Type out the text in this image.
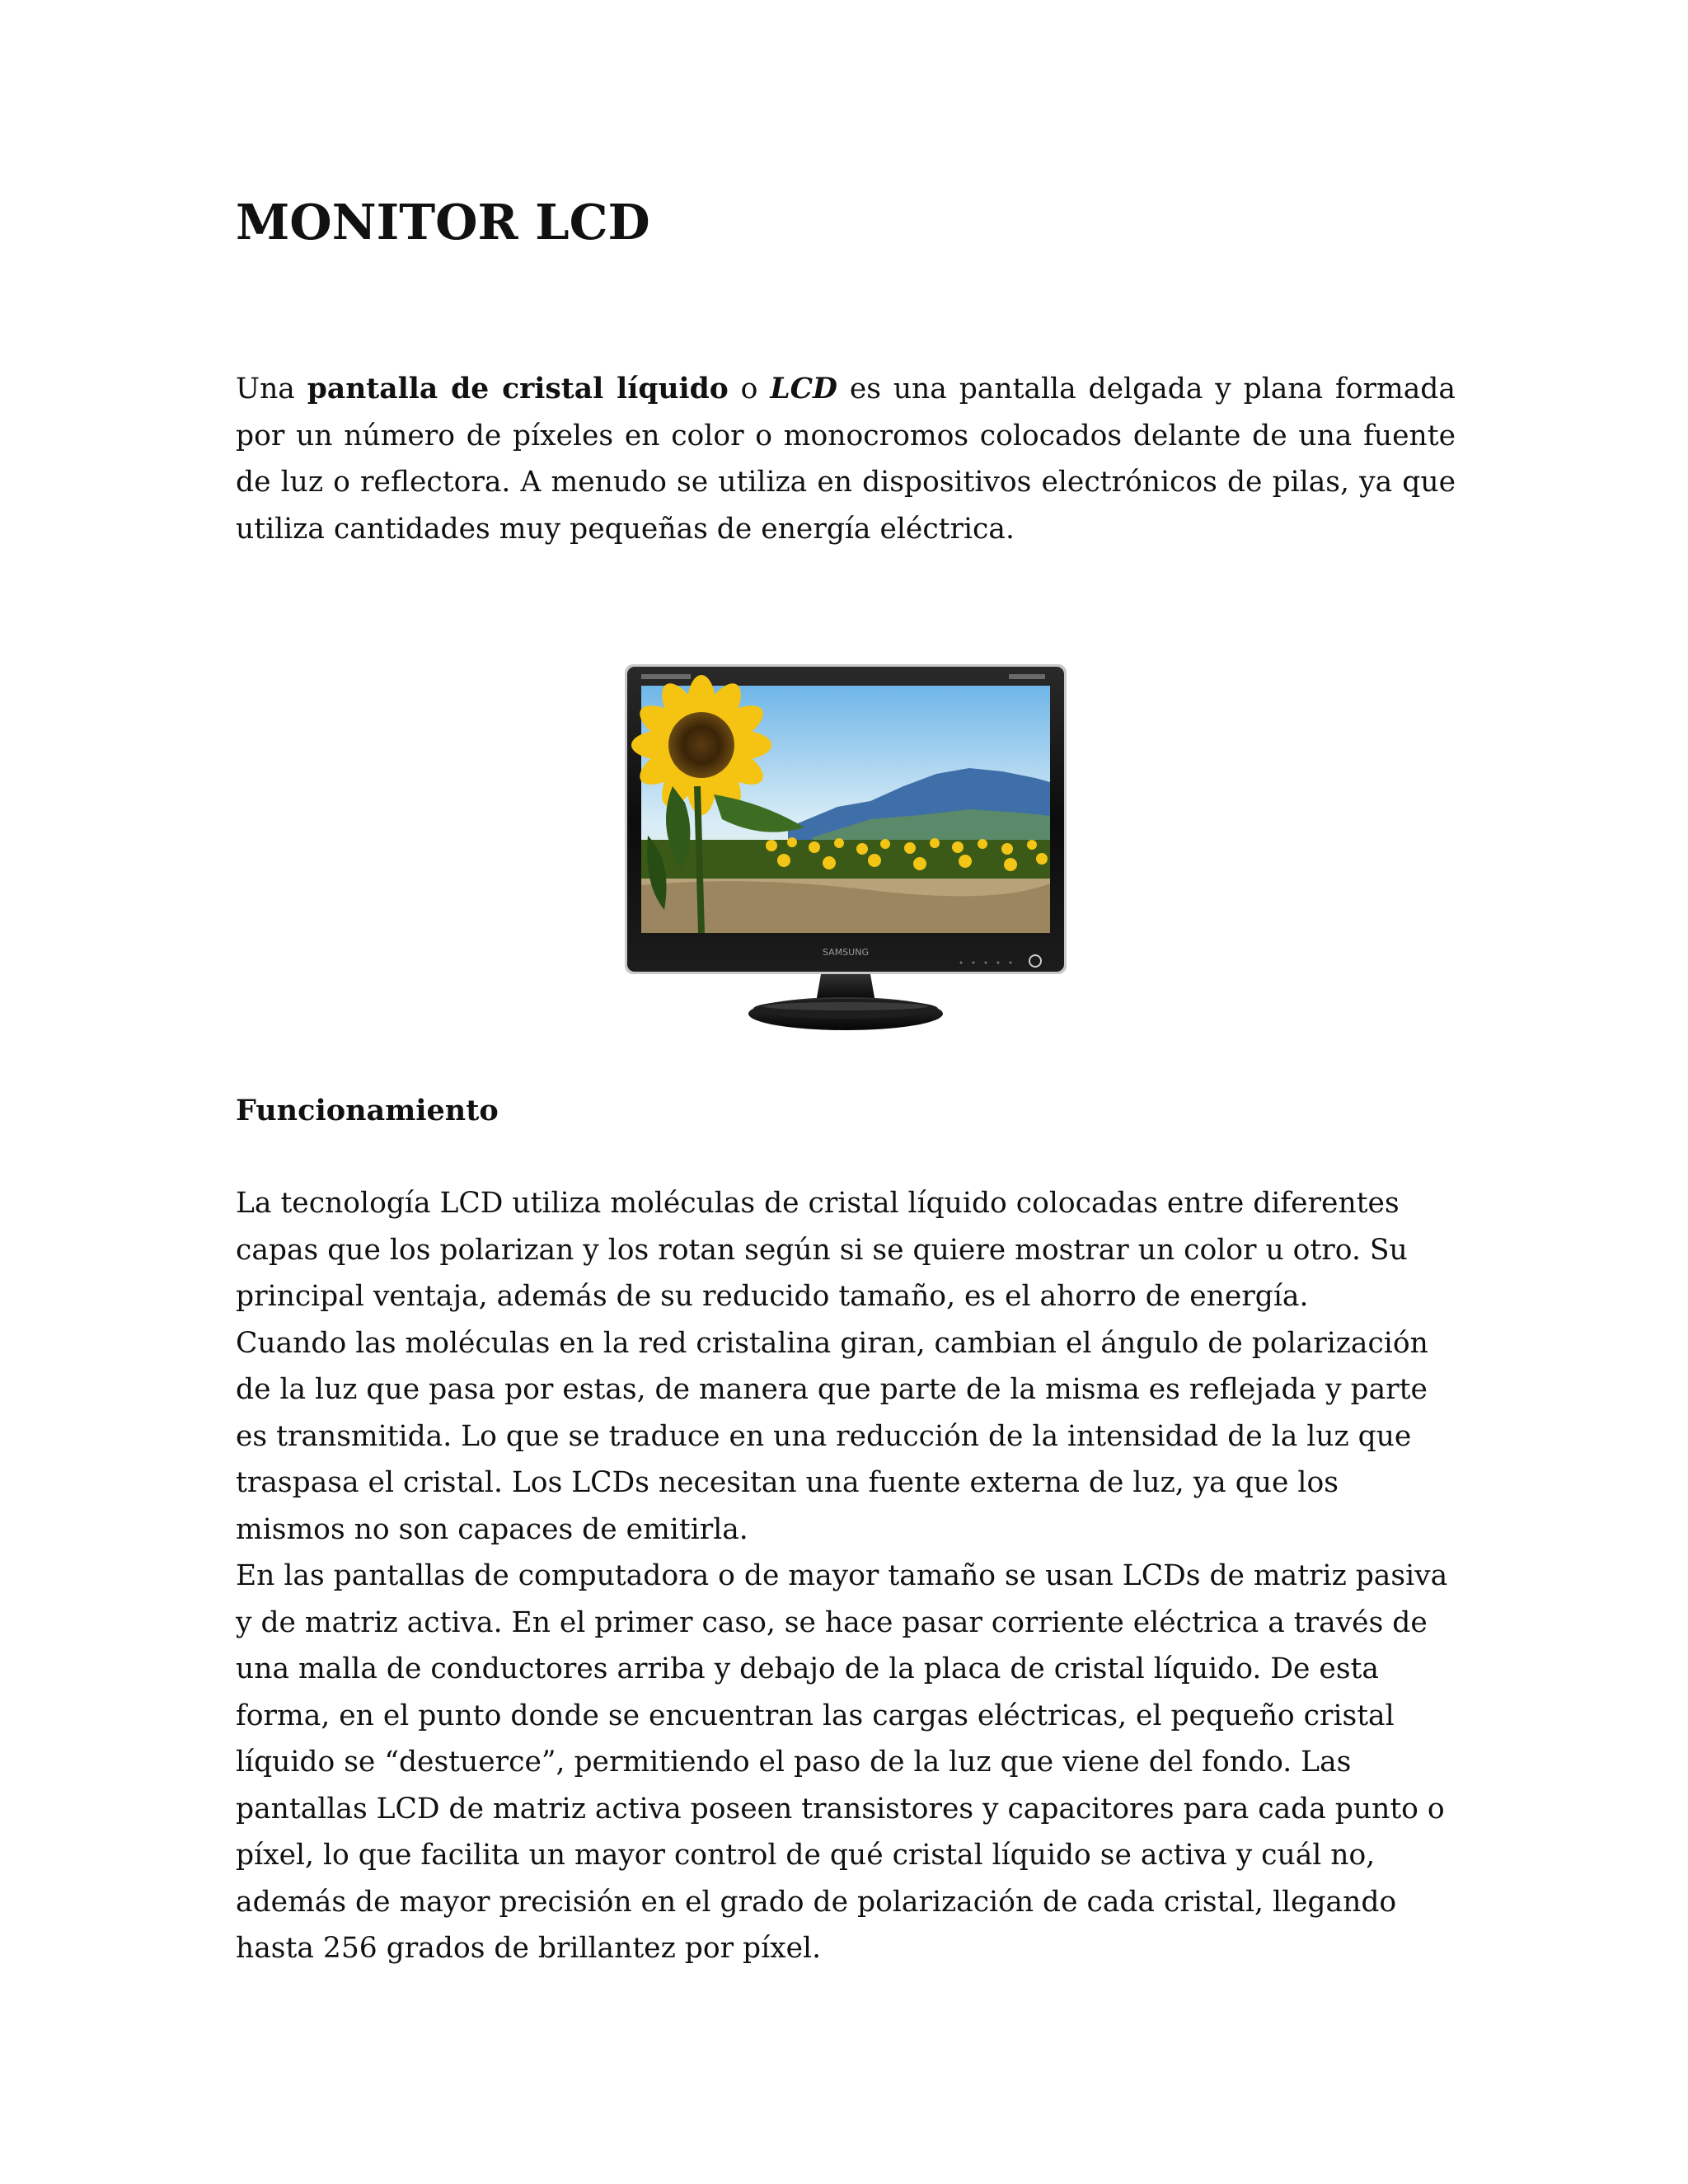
MONITOR LCD

Una pantalla de cristal líquido o LCD es una pantalla delgada y plana formada por un número de píxeles en color o monocromos colocados delante de una fuente de luz o reflectora. A menudo se utiliza en dispositivos electrónicos de pilas, ya que utiliza cantidades muy pequeñas de energía eléctrica.

SAMSUNG
Funcionamiento

La tecnología LCD utiliza moléculas de cristal líquido colocadas entre diferentes capas que los polarizan y los rotan según si se quiere mostrar un color u otro. Su principal ventaja, además de su reducido tamaño, es el ahorro de energía.

Cuando las moléculas en la red cristalina giran, cambian el ángulo de polarización de la luz que pasa por estas, de manera que parte de la misma es reflejada y parte es transmitida. Lo que se traduce en una reducción de la intensidad de la luz que traspasa el cristal. Los LCDs necesitan una fuente externa de luz, ya que los mismos no son capaces de emitirla.

En las pantallas de computadora o de mayor tamaño se usan LCDs de matriz pasiva y de matriz activa. En el primer caso, se hace pasar corriente eléctrica a través de una malla de conductores arriba y debajo de la placa de cristal líquido. De esta forma, en el punto donde se encuentran las cargas eléctricas, el pequeño cristal líquido se “destuerce”, permitiendo el paso de la luz que viene del fondo. Las pantallas LCD de matriz activa poseen transistores y capacitores para cada punto o píxel, lo que facilita un mayor control de qué cristal líquido se activa y cuál no, además de mayor precisión en el grado de polarización de cada cristal, llegando hasta 256 grados de brillantez por píxel.
